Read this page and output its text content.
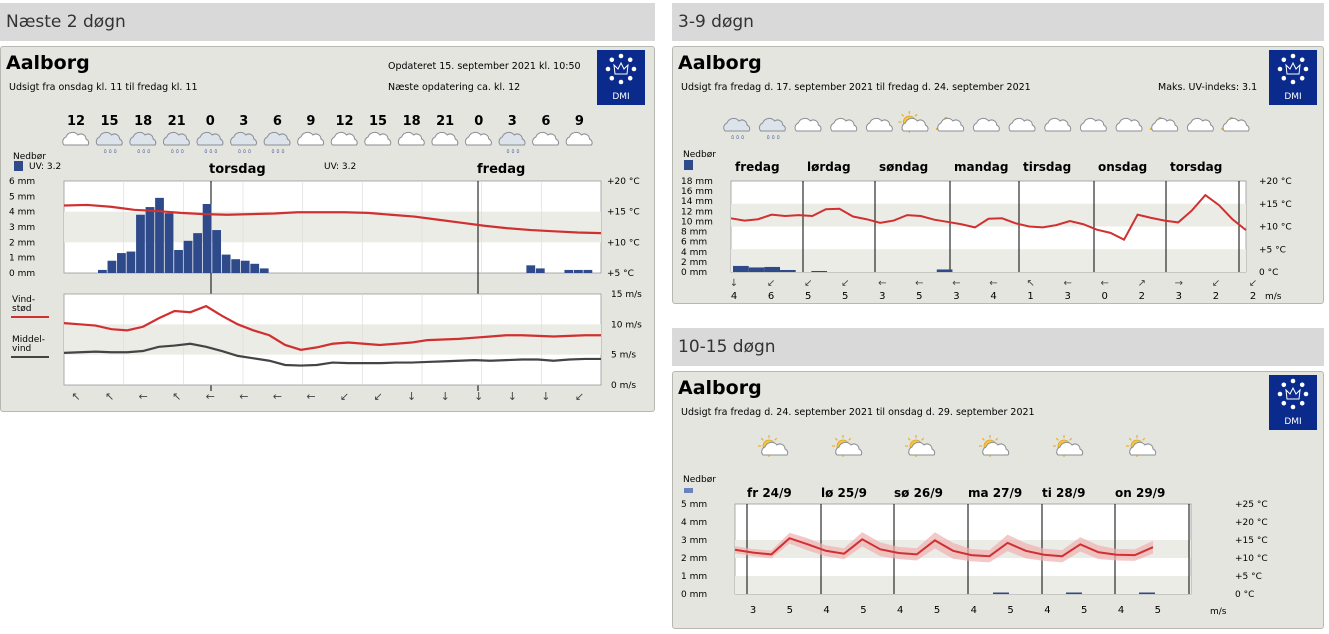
Næste 2 døgn
Aalborg
Udsigt fra onsdag kl. 11 til fredag kl. 11
Opdateret 15. september 2021 kl. 10:50
Næste opdatering ca. kl. 12
DMI
12 15 18 21 0 3 6 9 12 15 18 21 0 3 6 9
٥ ٥ ٥	٥ ٥ ٥	٥ ٥ ٥	٥ ٥ ٥	٥ ٥ ٥	٥ ٥ ٥	٥ ٥ ٥
Nedbør
UV: 3.2	UV: 3.2
torsdag	fredag
6 mm
5 mm
4 mm
3 mm
2 mm
1 mm
0 mm
+20 °C
+15 °C
+10 °C
+5 °C
15 m/s
10 m/s
5 m/s
0 m/s
Vind-
stød
Middel-
vind
↖ ↖ ← ↖ ← ← ← ← ↙ ↙ ↓ ↓ ↓ ↓ ↓ ↙
3-9 døgn
Aalborg
Udsigt fra fredag d. 17. september 2021 til fredag d. 24. september 2021	Maks. UV-indeks: 3.1
DMI
٥ ٥ ٥	٥ ٥ ٥
Nedbør
fredag lørdag søndag mandag tirsdag onsdag torsdag
18 mm
16 mm
14 mm
12 mm
10 mm
8 mm
6 mm
4 mm
2 mm
0 mm
+20 °C
+15 °C
+10 °C
+5 °C
0 °C
↓	↙	↙	↙	←	←	←	←	↖	←	←	↗	→	↙	↙
4	6	5	5	3	5	3	4	1	3	0	2	3	2	2 m/s
10-15 døgn
Aalborg
Udsigt fra fredag d. 24. september 2021 til onsdag d. 29. september 2021
DMI
Nedbør
fr 24/9 lø 25/9 sø 26/9 ma 27/9 ti 28/9 on 29/9
5 mm
4 mm
3 mm
2 mm
1 mm
0 mm
+25 °C
+20 °C
+15 °C
+10 °C
+5 °C
0 °C
3	5	4	5	4	5	4	5	4	5	4	5	m/s
